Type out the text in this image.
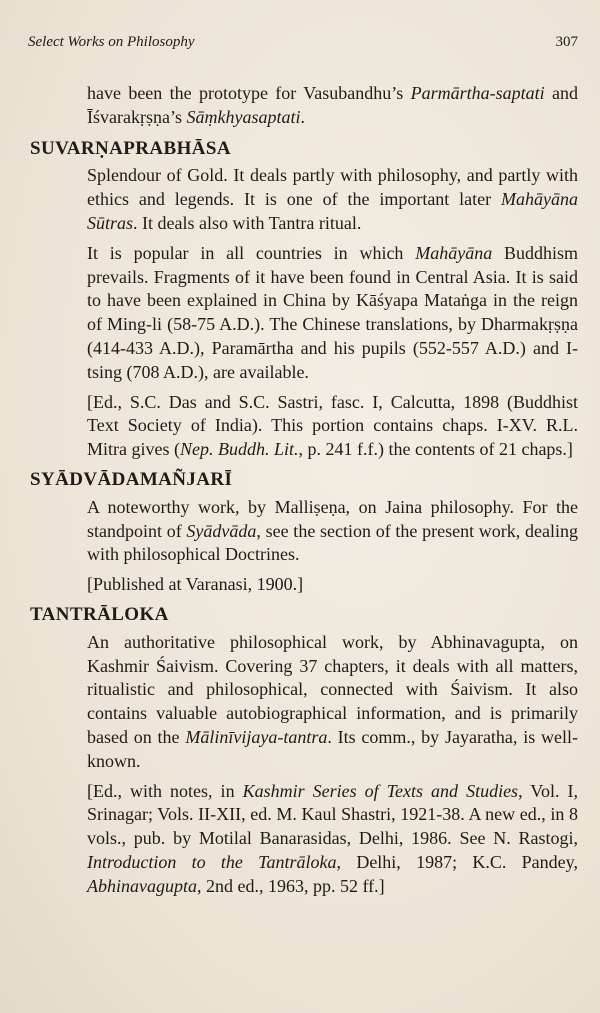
Select Works on Philosophy	307

have been the prototype for Vasubandhu’s Parmārtha-saptati and Īśvarakṛṣṇa’s Sāṃkhyasaptati.

SUVARṆAPRABHĀSA

Splendour of Gold. It deals partly with philosophy, and partly with ethics and legends. It is one of the important later Mahāyāna Sūtras. It deals also with Tantra ritual.

It is popular in all countries in which Mahāyāna Buddhism prevails. Fragments of it have been found in Central Asia. It is said to have been explained in China by Kāśyapa Mataṅga in the reign of Ming-li (58-75 A.D.). The Chinese translations, by Dharmakṛṣṇa (414-433 A.D.), Paramārtha and his pupils (552-557 A.D.) and I-tsing (708 A.D.), are available.

[Ed., S.C. Das and S.C. Sastri, fasc. I, Calcutta, 1898 (Buddhist Text Society of India). This portion contains chaps. I-XV. R.L. Mitra gives (Nep. Buddh. Lit., p. 241 f.f.) the contents of 21 chaps.]

SYĀDVĀDAMAÑJARĪ

A noteworthy work, by Malliṣeṇa, on Jaina philosophy. For the standpoint of Syādvāda, see the section of the present work, dealing with philosophical Doctrines.

[Published at Varanasi, 1900.]

TANTRĀLOKA

An authoritative philosophical work, by Abhinavagupta, on Kashmir Śaivism. Covering 37 chapters, it deals with all matters, ritualistic and philosophical, connected with Śaivism. It also contains valuable autobiographical information, and is primarily based on the Mālinīvijaya-tantra. Its comm., by Jayaratha, is well-known.

[Ed., with notes, in Kashmir Series of Texts and Studies, Vol. I, Srinagar; Vols. II-XII, ed. M. Kaul Shastri, 1921-38. A new ed., in 8 vols., pub. by Motilal Banarasidas, Delhi, 1986. See N. Rastogi, Introduction to the Tantrāloka, Delhi, 1987; K.C. Pandey, Abhinavagupta, 2nd ed., 1963, pp. 52 ff.]
